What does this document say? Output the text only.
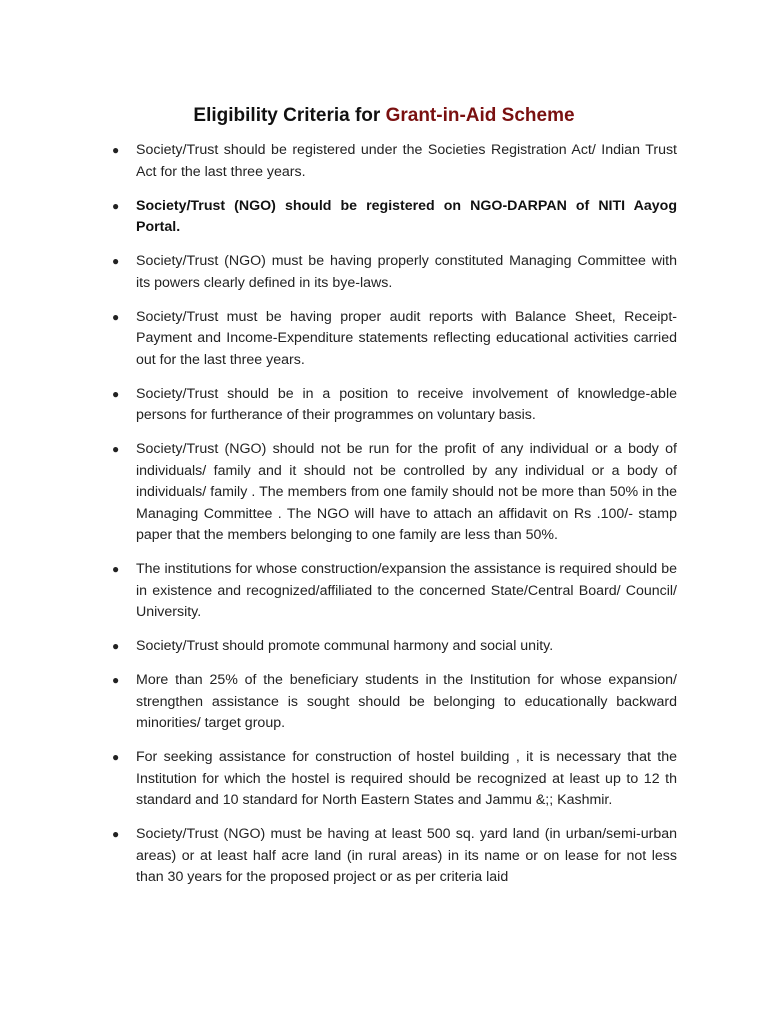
Eligibility Criteria for Grant-in-Aid Scheme
●	Society/Trust should be registered under the Societies Registration Act/ Indian Trust Act for the last three years.
●	Society/Trust (NGO) should be registered on NGO-DARPAN of NITI Aayog Portal.
●	Society/Trust (NGO) must be having properly constituted Managing Committee with its powers clearly defined in its bye-laws.
●	Society/Trust must be having proper audit reports with Balance Sheet, Receipt-Payment and Income-Expenditure statements reflecting educational activities carried out for the last three years.
●	Society/Trust should be in a position to receive involvement of knowledge-able persons for furtherance of their programmes on voluntary basis.
●	Society/Trust (NGO) should not be run for the profit of any individual or a body of individuals/ family and it should not be controlled by any individual or a body of individuals/ family . The members from one family should not be more than 50% in the Managing Committee . The NGO will have to attach an affidavit on Rs .100/- stamp paper that the members belonging to one family are less than 50%.
●	The institutions for whose construction/expansion the assistance is required should be in existence and recognized/affiliated to the concerned State/Central Board/ Council/ University.
●	Society/Trust should promote communal harmony and social unity.
●	More than 25% of the beneficiary students in the Institution for whose expansion/ strengthen assistance is sought should be belonging to educationally backward minorities/ target group.
●	For seeking assistance for construction of hostel building , it is necessary that the Institution for which the hostel is required should be recognized at least up to 12 th standard and 10 standard for North Eastern States and Jammu &;; Kashmir.
●	Society/Trust (NGO) must be having at least 500 sq. yard land (in urban/semi-urban areas) or at least half acre land (in rural areas) in its name or on lease for not less than 30 years for the proposed project or as per criteria laid
